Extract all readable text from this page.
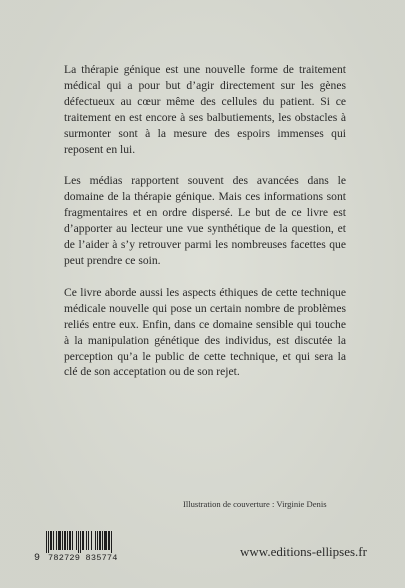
La thérapie génique est une nouvelle forme de traitement médical qui a pour but d’agir directement sur les gènes défectueux au cœur même des cellules du patient. Si ce traitement en est encore à ses balbutiements, les obstacles à surmonter sont à la mesure des espoirs immenses qui reposent en lui.

Les médias rapportent souvent des avancées dans le domaine de la thérapie génique. Mais ces informations sont fragmentaires et en ordre dispersé. Le but de ce livre est d’apporter au lecteur une vue synthétique de la question, et de l’aider à s’y retrouver parmi les nombreuses facettes que peut prendre ce soin.

Ce livre aborde aussi les aspects éthiques de cette technique médicale nouvelle qui pose un certain nombre de problèmes reliés entre eux. Enfin, dans ce domaine sensible qui touche à la manipulation génétique des individus, est discutée la perception qu’a le public de cette technique, et qui sera la clé de son acceptation ou de son rejet.

Illustration de couverture : Virginie Denis
9 782729 835774	www.editions-ellipses.fr
